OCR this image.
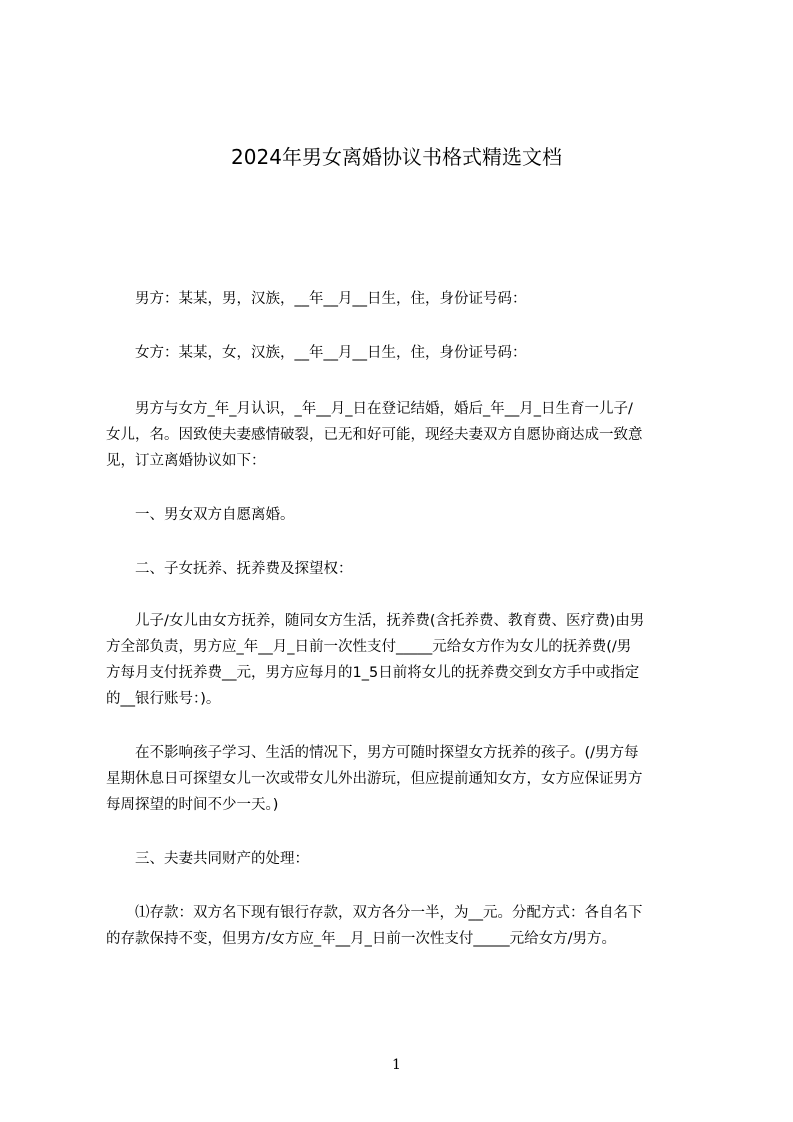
2024年男女离婚协议书格式精选文档
　　男方：某某，男，汉族，__年__月__日生，住，身份证号码：
　　女方：某某，女，汉族，__年__月__日生，住，身份证号码：
　　男方与女方_年_月认识，_年__月_日在登记结婚，婚后_年__月_日生育一儿子/
女儿，名。因致使夫妻感情破裂，已无和好可能，现经夫妻双方自愿协商达成一致意
见，订立离婚协议如下：
　　一、男女双方自愿离婚。
　　二、子女抚养、抚养费及探望权：
　　儿子/女儿由女方抚养，随同女方生活，抚养费(含托养费、教育费、医疗费)由男
方全部负责，男方应_年__月_日前一次性支付_____元给女方作为女儿的抚养费(/男
方每月支付抚养费__元，男方应每月的1_5日前将女儿的抚养费交到女方手中或指定
的__银行账号：)。
　　在不影响孩子学习、生活的情况下，男方可随时探望女方抚养的孩子。(/男方每
星期休息日可探望女儿一次或带女儿外出游玩，但应提前通知女方，女方应保证男方
每周探望的时间不少一天。)
　　三、夫妻共同财产的处理：
　　⑴存款：双方名下现有银行存款，双方各分一半，为__元。分配方式：各自名下
的存款保持不变，但男方/女方应_年__月_日前一次性支付_____元给女方/男方。
1
